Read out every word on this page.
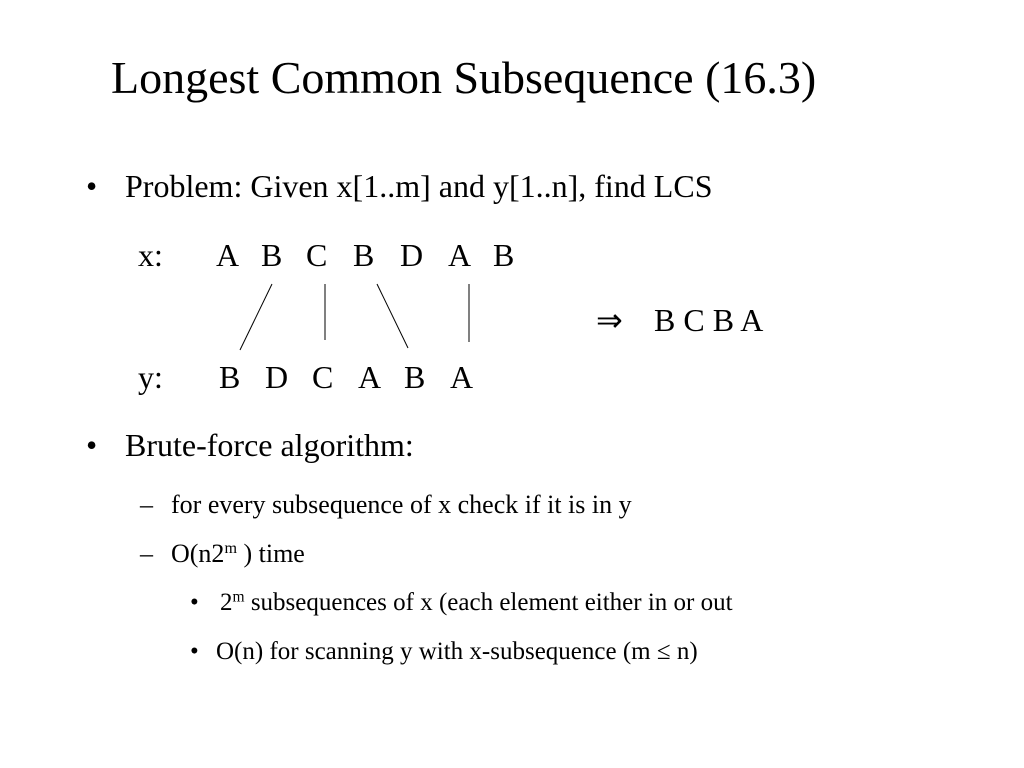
Longest Common Subsequence (16.3)
• Problem: Given x[1..m] and y[1..n], find LCS
x: A B C B D A B
⇒ B C B A
y: B D C A B A
• Brute-force algorithm:
– for every subsequence of x check if it is in y
– O(n2$^m$ ) time
• 2$^m$ subsequences of x (each element either in or out
• O(n) for scanning y with x-subsequence (m ≤ n)
